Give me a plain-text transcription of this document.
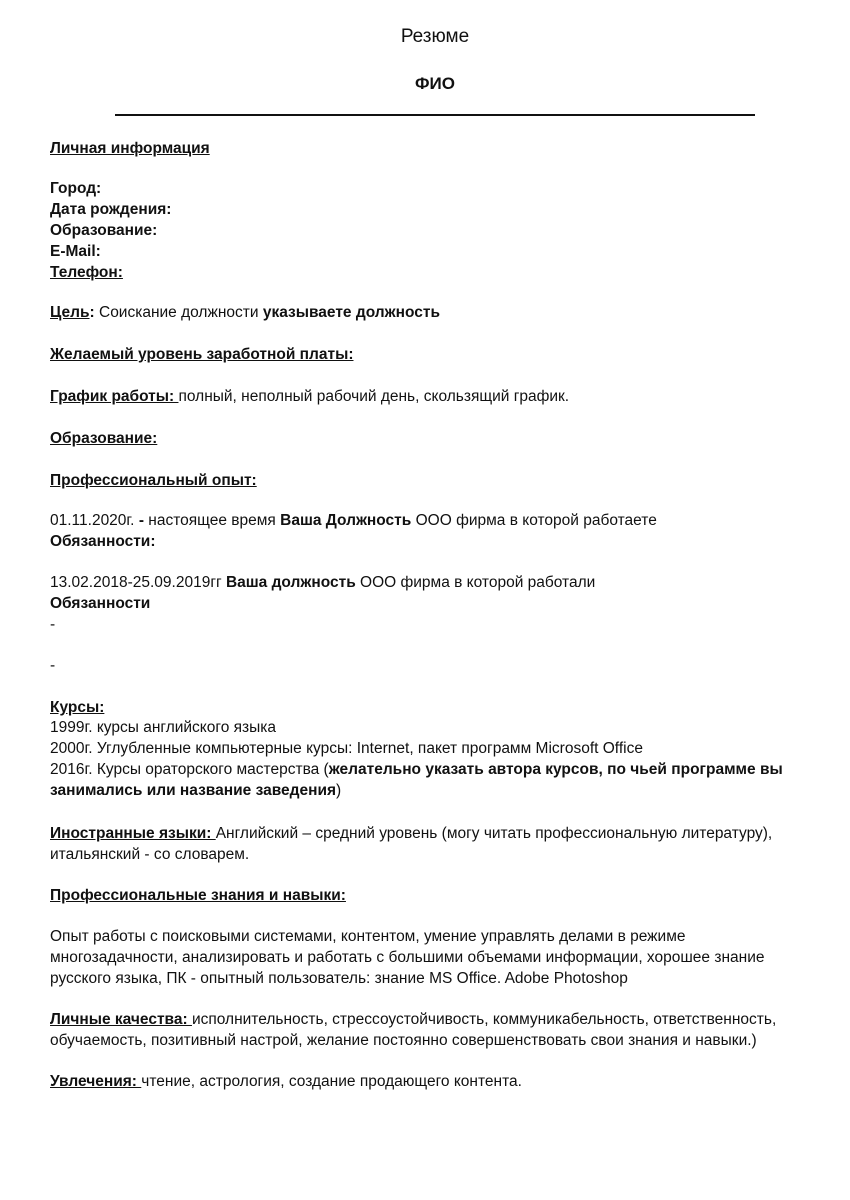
Резюме
ФИО
Личная информация
Город:
Дата рождения:
Образование:
E-Mail:
Телефон:
Цель: Соискание должности указываете должность
Желаемый уровень заработной платы:
График работы: полный, неполный рабочий день, скользящий график.
Образование:
Профессиональный опыт:
01.11.2020г. - настоящее время Ваша Должность ООО фирма в которой работаете
Обязанности:
13.02.2018-25.09.2019гг Ваша должность ООО фирма в которой работали
Обязанности
-
-
Курсы:
1999г. курсы английского языка
2000г. Углубленные компьютерные курсы: Internet, пакет программ Microsoft Office
2016г. Курсы ораторского мастерства (желательно указать автора курсов, по чьей программе вы
занимались или название заведения)
Иностранные языки: Английский – средний уровень (могу читать профессиональную литературу),
итальянский - со словарем.
Профессиональные знания и навыки:
Опыт работы с поисковыми системами, контентом, умение управлять делами в режиме
многозадачности, анализировать и работать с большими объемами информации, хорошее знание
русского языка, ПК - опытный пользователь: знание MS Office. Adobe Photoshop
Личные качества: исполнительность, стрессоустойчивость, коммуникабельность, ответственность,
обучаемость, позитивный настрой, желание постоянно совершенствовать свои знания и навыки.)
Увлечения: чтение, астрология, создание продающего контента.
